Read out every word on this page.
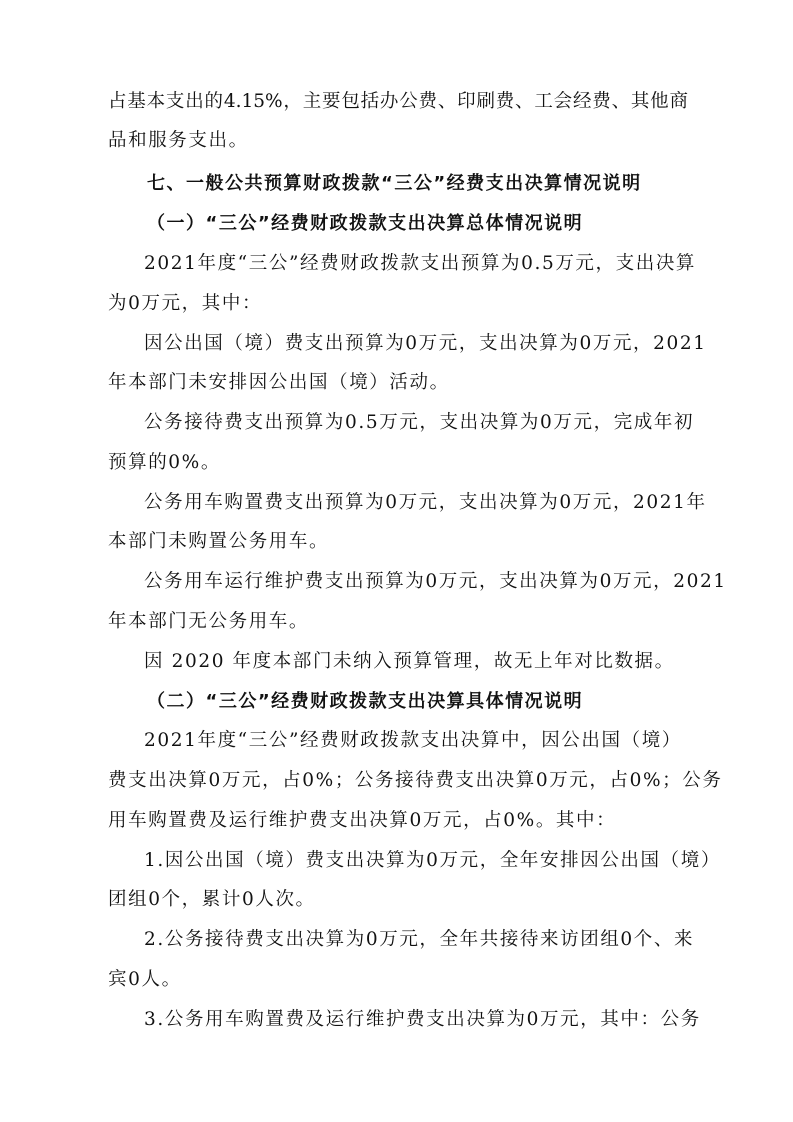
占基本支出的4.15%，主要包括办公费、印刷费、工会经费、其他商
品和服务支出。
七、一般公共预算财政拨款“三公”经费支出决算情况说明
（一）“三公”经费财政拨款支出决算总体情况说明
2021年度“三公”经费财政拨款支出预算为0.5万元，支出决算
为0万元，其中：
因公出国（境）费支出预算为0万元，支出决算为0万元，2021
年本部门未安排因公出国（境）活动。
公务接待费支出预算为0.5万元，支出决算为0万元，完成年初
预算的0%。
公务用车购置费支出预算为0万元，支出决算为0万元，2021年
本部门未购置公务用车。
公务用车运行维护费支出预算为0万元，支出决算为0万元，2021
年本部门无公务用车。
因 2020 年度本部门未纳入预算管理，故无上年对比数据。
（二）“三公”经费财政拨款支出决算具体情况说明
2021年度“三公”经费财政拨款支出决算中，因公出国（境）
费支出决算0万元，占0%；公务接待费支出决算0万元，占0%；公务
用车购置费及运行维护费支出决算0万元，占0%。其中：
1.因公出国（境）费支出决算为0万元，全年安排因公出国（境）
团组0个，累计0人次。
2.公务接待费支出决算为0万元，全年共接待来访团组0个、来
宾0人。
3.公务用车购置费及运行维护费支出决算为0万元，其中：公务
